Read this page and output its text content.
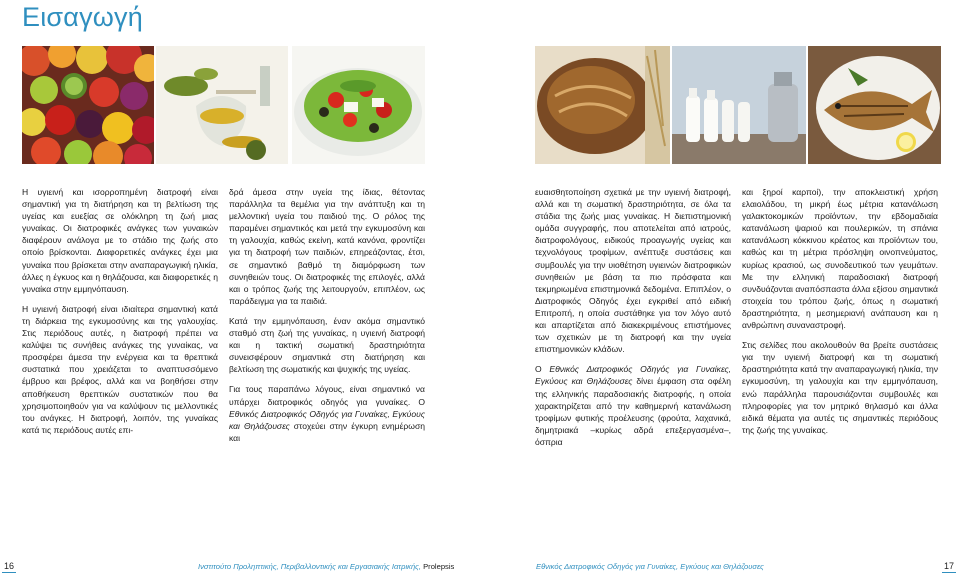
Εισαγωγή

Η υγιεινή και ισορροπημένη διατροφή είναι σημαντική για τη διατήρηση και τη βελτίωση της υγείας και ευεξίας σε ολόκληρη τη ζωή μιας γυναίκας. Οι διατροφικές ανάγκες των γυναικών διαφέρουν ανάλογα με το στάδιο της ζωής στο οποίο βρίσκονται. Διαφορετικές ανάγκες έχει μια γυναίκα που βρίσκεται στην αναπαραγωγική ηλικία, άλλες η έγκυος και η θηλάζουσα, και διαφορετικές η γυναίκα στην εμμηνόπαυση.

Η υγιεινή διατροφή είναι ιδιαίτερα σημαντική κατά τη διάρκεια της εγκυμοσύνης και της γαλουχίας. Στις περιόδους αυτές, η διατροφή πρέπει να καλύψει τις συνήθεις ανάγκες της γυναίκας, να προσφέρει άμεσα την ενέργεια και τα θρεπτικά συστατικά που χρειάζεται το αναπτυσσόμενο έμβρυο και βρέφος, αλλά και να βοηθήσει στην αποθήκευση θρεπτικών συστατικών που θα χρησιμοποιηθούν για να καλύψουν τις μελλοντικές του ανάγκες. Η διατροφή, λοιπόν, της γυναίκας κατά τις περιόδους αυτές επι-

δρά άμεσα στην υγεία της ίδιας, θέτοντας παράλληλα τα θεμέλια για την ανάπτυξη και τη μελλοντική υγεία του παιδιού της. Ο ρόλος της παραμένει σημαντικός και μετά την εγκυμοσύνη και τη γαλουχία, καθώς εκείνη, κατά κανόνα, φροντίζει για τη διατροφή των παιδιών, επηρεάζοντας, έτσι, σε σημαντικό βαθμό τη διαμόρφωση των συνηθειών τους. Οι διατροφικές της επιλογές, αλλά και ο τρόπος ζωής της λειτουργούν, επιπλέον, ως παράδειγμα για τα παιδιά.

Κατά την εμμηνόπαυση, έναν ακόμα σημαντικό σταθμό στη ζωή της γυναίκας, η υγιεινή διατροφή και η τακτική σωματική δραστηριότητα συνεισφέρουν σημαντικά στη διατήρηση και βελτίωση της σωματικής και ψυχικής της υγείας.

Για τους παραπάνω λόγους, είναι σημαντικό να υπάρχει διατροφικός οδηγός για γυναίκες. Ο Εθνικός Διατροφικός Οδηγός για Γυναίκες, Εγκύους και Θηλάζουσες στοχεύει στην έγκυρη ενημέρωση και

ευαισθητοποίηση σχετικά με την υγιεινή διατροφή, αλλά και τη σωματική δραστηριότητα, σε όλα τα στάδια της ζωής μιας γυναίκας. Η διεπιστημονική ομάδα συγγραφής, που αποτελείται από ιατρούς, διατροφολόγους, ειδικούς προαγωγής υγείας και τεχνολόγους τροφίμων, ανέπτυξε συστάσεις και συμβουλές για την υιοθέτηση υγιεινών διατροφικών συνηθειών με βάση τα πιο πρόσφατα και τεκμηριωμένα επιστημονικά δεδομένα. Επιπλέον, ο Διατροφικός Οδηγός έχει εγκριθεί από ειδική Επιτροπή, η οποία συστάθηκε για τον λόγο αυτό και απαρτίζεται από διακεκριμένους επιστήμονες των σχετικών με τη διατροφή και την υγεία επιστημονικών κλάδων.

Ο Εθνικός Διατροφικός Οδηγός για Γυναίκες, Εγκύους και Θηλάζουσες δίνει έμφαση στα οφέλη της ελληνικής παραδοσιακής διατροφής, η οποία χαρακτηρίζεται από την καθημερινή κατανάλωση τροφίμων φυτικής προέλευσης (φρούτα, λαχανικά, δημητριακά –κυρίως αδρά επεξεργασμένα–, όσπρια

και ξηροί καρποί), την αποκλειστική χρήση ελαιολάδου, τη μικρή έως μέτρια κατανάλωση γαλακτοκομικών προϊόντων, την εβδομαδιαία κατανάλωση ψαριού και πουλερικών, τη σπάνια κατανάλωση κόκκινου κρέατος και προϊόντων του, καθώς και τη μέτρια πρόσληψη οινοπνεύματος, κυρίως κρασιού, ως συνοδευτικού των γευμάτων. Με την ελληνική παραδοσιακή διατροφή συνδυάζονται αναπόσπαστα άλλα εξίσου σημαντικά στοιχεία του τρόπου ζωής, όπως η σωματική δραστηριότητα, η μεσημεριανή ανάπαυση και η ανθρώπινη συναναστροφή.

Στις σελίδες που ακολουθούν θα βρείτε συστάσεις για την υγιεινή διατροφή και τη σωματική δραστηριότητα κατά την αναπαραγωγική ηλικία, την εγκυμοσύνη, τη γαλουχία και την εμμηνόπαυση, ενώ παράλληλα παρουσιάζονται συμβουλές και πληροφορίες για τον μητρικό θηλασμό και άλλα ειδικά θέματα για αυτές τις σημαντικές περιόδους της ζωής της γυναίκας.

16	Ινστιτούτο Προληπτικής, Περιβαλλοντικής και Εργασιακής Ιατρικής, Prolepsis	Εθνικός Διατροφικός Οδηγός για Γυναίκες, Εγκύους και Θηλάζουσες	17
